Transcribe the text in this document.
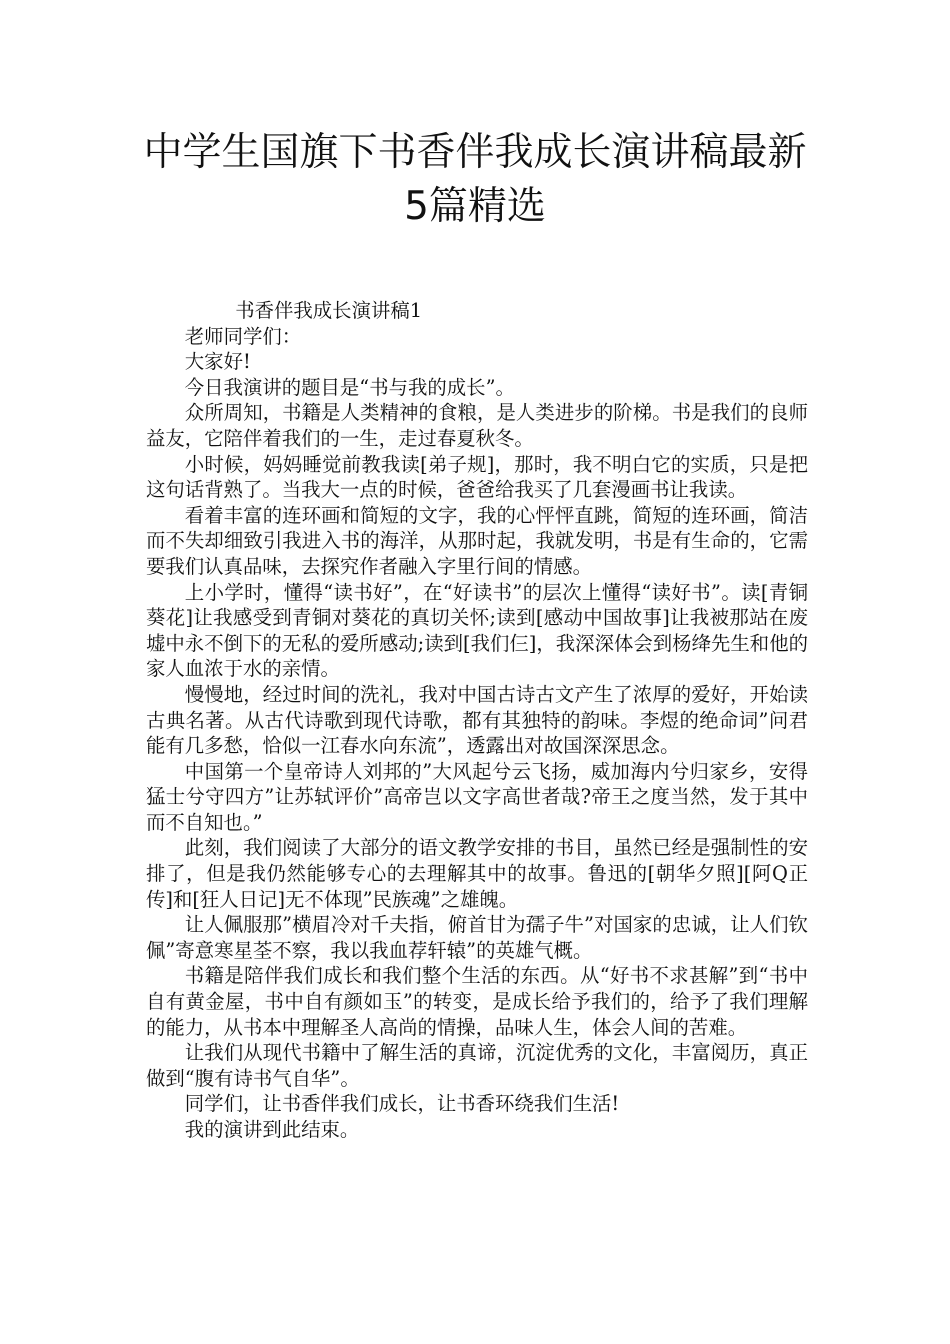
中学生国旗下书香伴我成长演讲稿最新
5篇精选

书香伴我成长演讲稿1

老师同学们：

大家好!

今日我演讲的题目是“书与我的成长”。

众所周知，书籍是人类精神的食粮，是人类进步的阶梯。书是我们的良师益友，它陪伴着我们的一生，走过春夏秋冬。

小时候，妈妈睡觉前教我读[弟子规]，那时，我不明白它的实质，只是把这句话背熟了。当我大一点的时候，爸爸给我买了几套漫画书让我读。

看着丰富的连环画和简短的文字，我的心怦怦直跳，简短的连环画，简洁而不失却细致引我进入书的海洋，从那时起，我就发明，书是有生命的，它需要我们认真品味，去探究作者融入字里行间的情感。

上小学时，懂得“读书好”，在“好读书”的层次上懂得“读好书”。读[青铜葵花]让我感受到青铜对葵花的真切关怀;读到[感动中国故事]让我被那站在废墟中永不倒下的无私的爱所感动;读到[我们仨]，我深深体会到杨绛先生和他的家人血浓于水的亲情。

慢慢地，经过时间的洗礼，我对中国古诗古文产生了浓厚的爱好，开始读古典名著。从古代诗歌到现代诗歌，都有其独特的韵味。李煜的绝命词”问君能有几多愁，恰似一江春水向东流”，透露出对故国深深思念。

中国第一个皇帝诗人刘邦的”大风起兮云飞扬，威加海内兮归家乡，安得猛士兮守四方”让苏轼评价”高帝岂以文字高世者哉?帝王之度当然，发于其中而不自知也。”

此刻，我们阅读了大部分的语文教学安排的书目，虽然已经是强制性的安排了，但是我仍然能够专心的去理解其中的故事。鲁迅的[朝华夕照][阿Q正传]和[狂人日记]无不体现”民族魂”之雄魄。

让人佩服那”横眉冷对千夫指，俯首甘为孺子牛”对国家的忠诚，让人们钦佩”寄意寒星荃不察，我以我血荐轩辕”的英雄气概。

书籍是陪伴我们成长和我们整个生活的东西。从“好书不求甚解”到“书中自有黄金屋，书中自有颜如玉”的转变，是成长给予我们的，给予了我们理解的能力，从书本中理解圣人高尚的情操，品味人生，体会人间的苦难。

让我们从现代书籍中了解生活的真谛，沉淀优秀的文化，丰富阅历，真正做到“腹有诗书气自华”。

同学们，让书香伴我们成长，让书香环绕我们生活!

我的演讲到此结束。
